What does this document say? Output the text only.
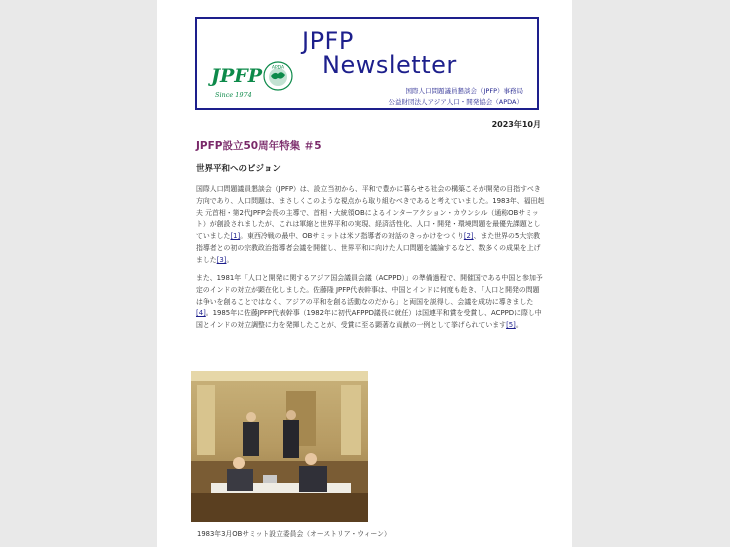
JPFP
Newsletter
JPFP
Since 1974
APDA
国際人口問題議員懇談会（JPFP）事務局
公益財団法人アジア人口・開発協会（APDA）
2023年10月
JPFP設立50周年特集 ＃5
世界平和へのビジョン
国際人口問題議員懇談会（JPFP）は、設立当初から、平和で豊かに暮らせる社会の構築こそが開発の目指すべき方向であり、人口問題は、まさしくこのような視点から取り組むべきであると考えていました。1983年、福田赳夫 元首相・第2代JPFP会長の主導で、首相・大統領OBによるインターアクション・カウンシル（通称OBサミット）が創設されましたが、これは軍縮と世界平和の実現、経済活性化、人口・開発・環境問題を最優先課題としていました[1]。東西冷戦の最中、OBサミットは米ソ指導者の対話のきっかけをつくり[2]、また世界の5大宗教指導者との初の宗教政治指導者会議を開催し、世界平和に向けた人口問題を議論するなど、数多くの成果を上げました[3]。
また、1981年「人口と開発に関するアジア国会議員会議（ACPPD）」の準備過程で、開催国である中国と参加予定のインドの対立が顕在化しました。佐藤隆 JPFP代表幹事は、中国とインドに何度も赴き、「人口と開発の問題は争いを創ることではなく、アジアの平和を創る活動なのだから」と両国を説得し、会議を成功に導きました[4]。1985年に佐藤JPFP代表幹事（1982年に初代AFPPD議長に就任）は国連平和賞を受賞し、ACPPDに際し中国とインドの対立調整に力を発揮したことが、受賞に至る顕著な貢献の一例として挙げられています[5]。
1983年3月OBサミット設立委員会（オーストリア・ウィーン）
